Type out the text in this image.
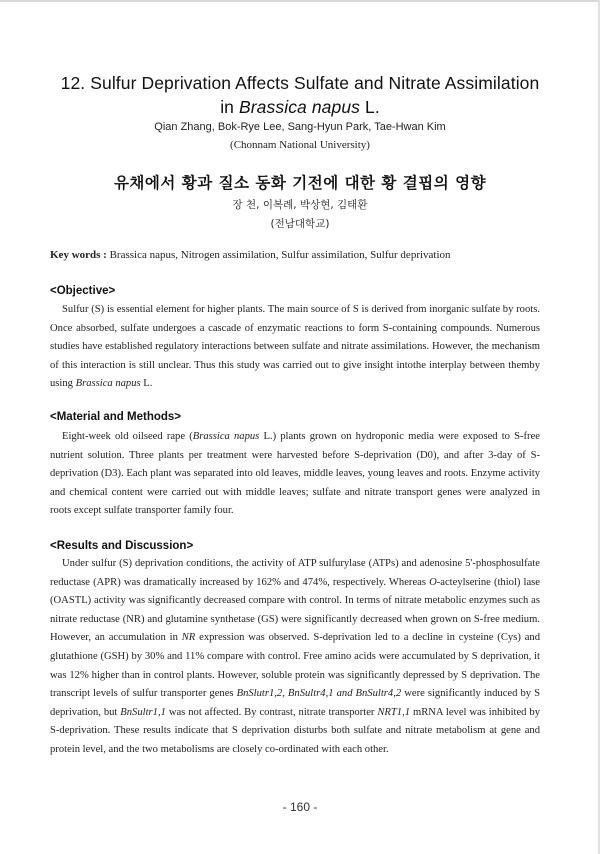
12. Sulfur Deprivation Affects Sulfate and Nitrate Assimilation
in Brassica napus L.
Qian Zhang, Bok-Rye Lee, Sang-Hyun Park, Tae-Hwan Kim
(Chonnam National University)
유채에서 황과 질소 동화 기전에 대한 황 결핍의 영향
장 천, 이복례, 박상현, 김태환
(전남대학교)
Key words : Brassica napus, Nitrogen assimilation, Sulfur assimilation, Sulfur deprivation
<Objective>

Sulfur (S) is essential element for higher plants. The main source of S is derived from inorganic sulfate by roots. Once absorbed, sulfate undergoes a cascade of enzymatic reactions to form S-containing compounds. Numerous studies have established regulatory interactions between sulfate and nitrate assimilations. However, the mechanism of this interaction is still unclear. Thus this study was carried out to give insight intothe interplay between themby using Brassica napus L.

<Material and Methods>

Eight-week old oilseed rape (Brassica napus L.) plants grown on hydroponic media were exposed to S-free nutrient solution. Three plants per treatment were harvested before S-deprivation (D0), and after 3-day of S-deprivation (D3). Each plant was separated into old leaves, middle leaves, young leaves and roots. Enzyme activity and chemical content were carried out with middle leaves; sulfate and nitrate transport genes were analyzed in roots except sulfate transporter family four.

<Results and Discussion>

Under sulfur (S) deprivation conditions, the activity of ATP sulfurylase (ATPs) and adenosine 5'-phosphosulfate reductase (APR) was dramatically increased by 162% and 474%, respectively. Whereas O-acteylserine (thiol) lase (OASTL) activity was significantly decreased compare with control. In terms of nitrate metabolic enzymes such as nitrate reductase (NR) and glutamine synthetase (GS) were significantly decreased when grown on S-free medium. However, an accumulation in NR expression was observed. S-deprivation led to a decline in cysteine (Cys) and glutathione (GSH) by 30% and 11% compare with control. Free amino acids were accumulated by S deprivation, it was 12% higher than in control plants. However, soluble protein was significantly depressed by S deprivation. The transcript levels of sulfur transporter genes BnSlutr1,2, BnSultr4,1 and BnSultr4,2 were significantly induced by S deprivation, but BnSultr1,1 was not affected. By contrast, nitrate transporter NRT1,1 mRNA level was inhibited by S-deprivation. These results indicate that S deprivation disturbs both sulfate and nitrate metabolism at gene and protein level, and the two metabolisms are closely co-ordinated with each other.

- 160 -
